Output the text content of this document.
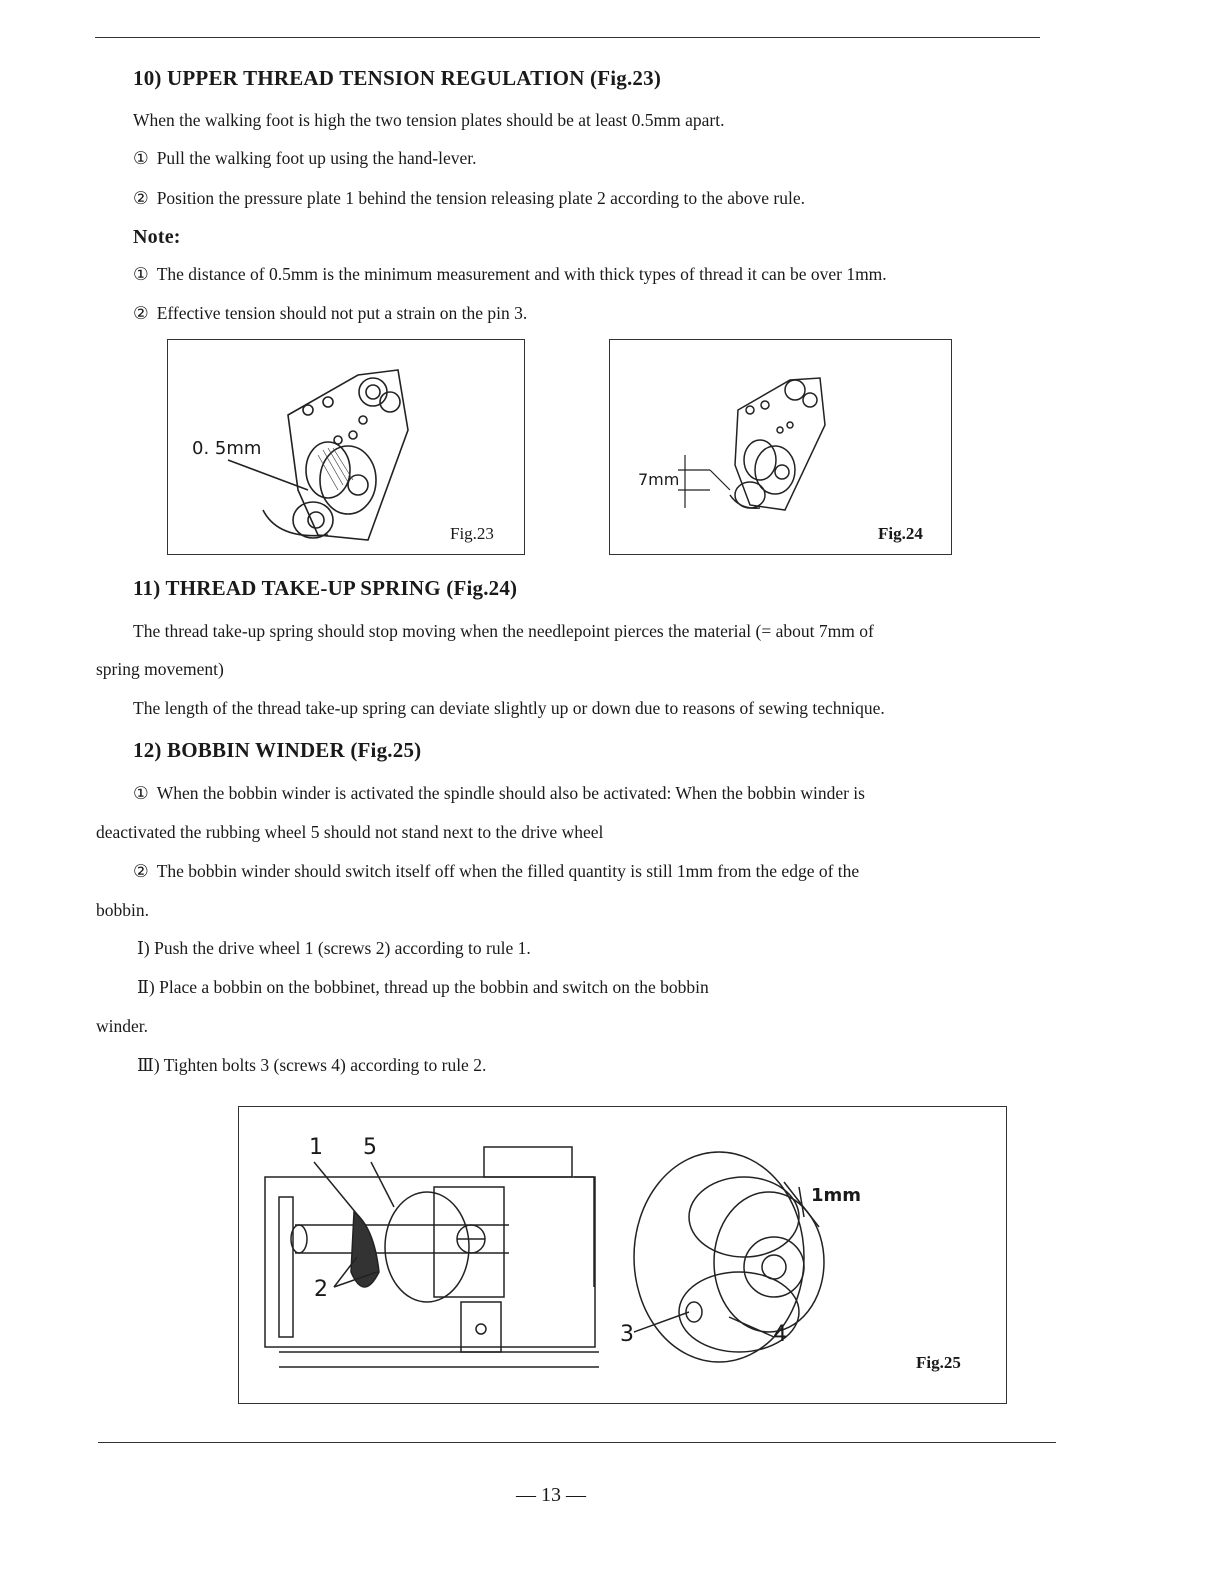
10) UPPER THREAD TENSION REGULATION (Fig.23)
When the walking foot is high the two tension plates should be at least 0.5mm apart.
① Pull the walking foot up using the hand-lever.
② Position the pressure plate 1 behind the tension releasing plate 2 according to the above rule.
Note:
① The distance of 0.5mm is the minimum measurement and with thick types of thread it can be over 1mm.
② Effective tension should not put a strain on the pin 3.
0. 5mm
Fig.23
7mm
Fig.24
11) THREAD TAKE-UP SPRING (Fig.24)
The thread take-up spring should stop moving when the needlepoint pierces the material (= about 7mm of
spring movement)
The length of the thread take-up spring can deviate slightly up or down due to reasons of sewing technique.
12) BOBBIN WINDER (Fig.25)
① When the bobbin winder is activated the spindle should also be activated: When the bobbin winder is
deactivated the rubbing wheel 5 should not stand next to the drive wheel
② The bobbin winder should switch itself off when the filled quantity is still 1mm from the edge of the
bobbin.
Ⅰ) Push the drive wheel 1 (screws 2) according to rule 1.
Ⅱ) Place a bobbin on the bobbinet, thread up the bobbin and switch on the bobbin
winder.
Ⅲ) Tighten bolts 3 (screws 4) according to rule 2.
1 5
2
3	4
1mm
Fig.25
— 13 —
